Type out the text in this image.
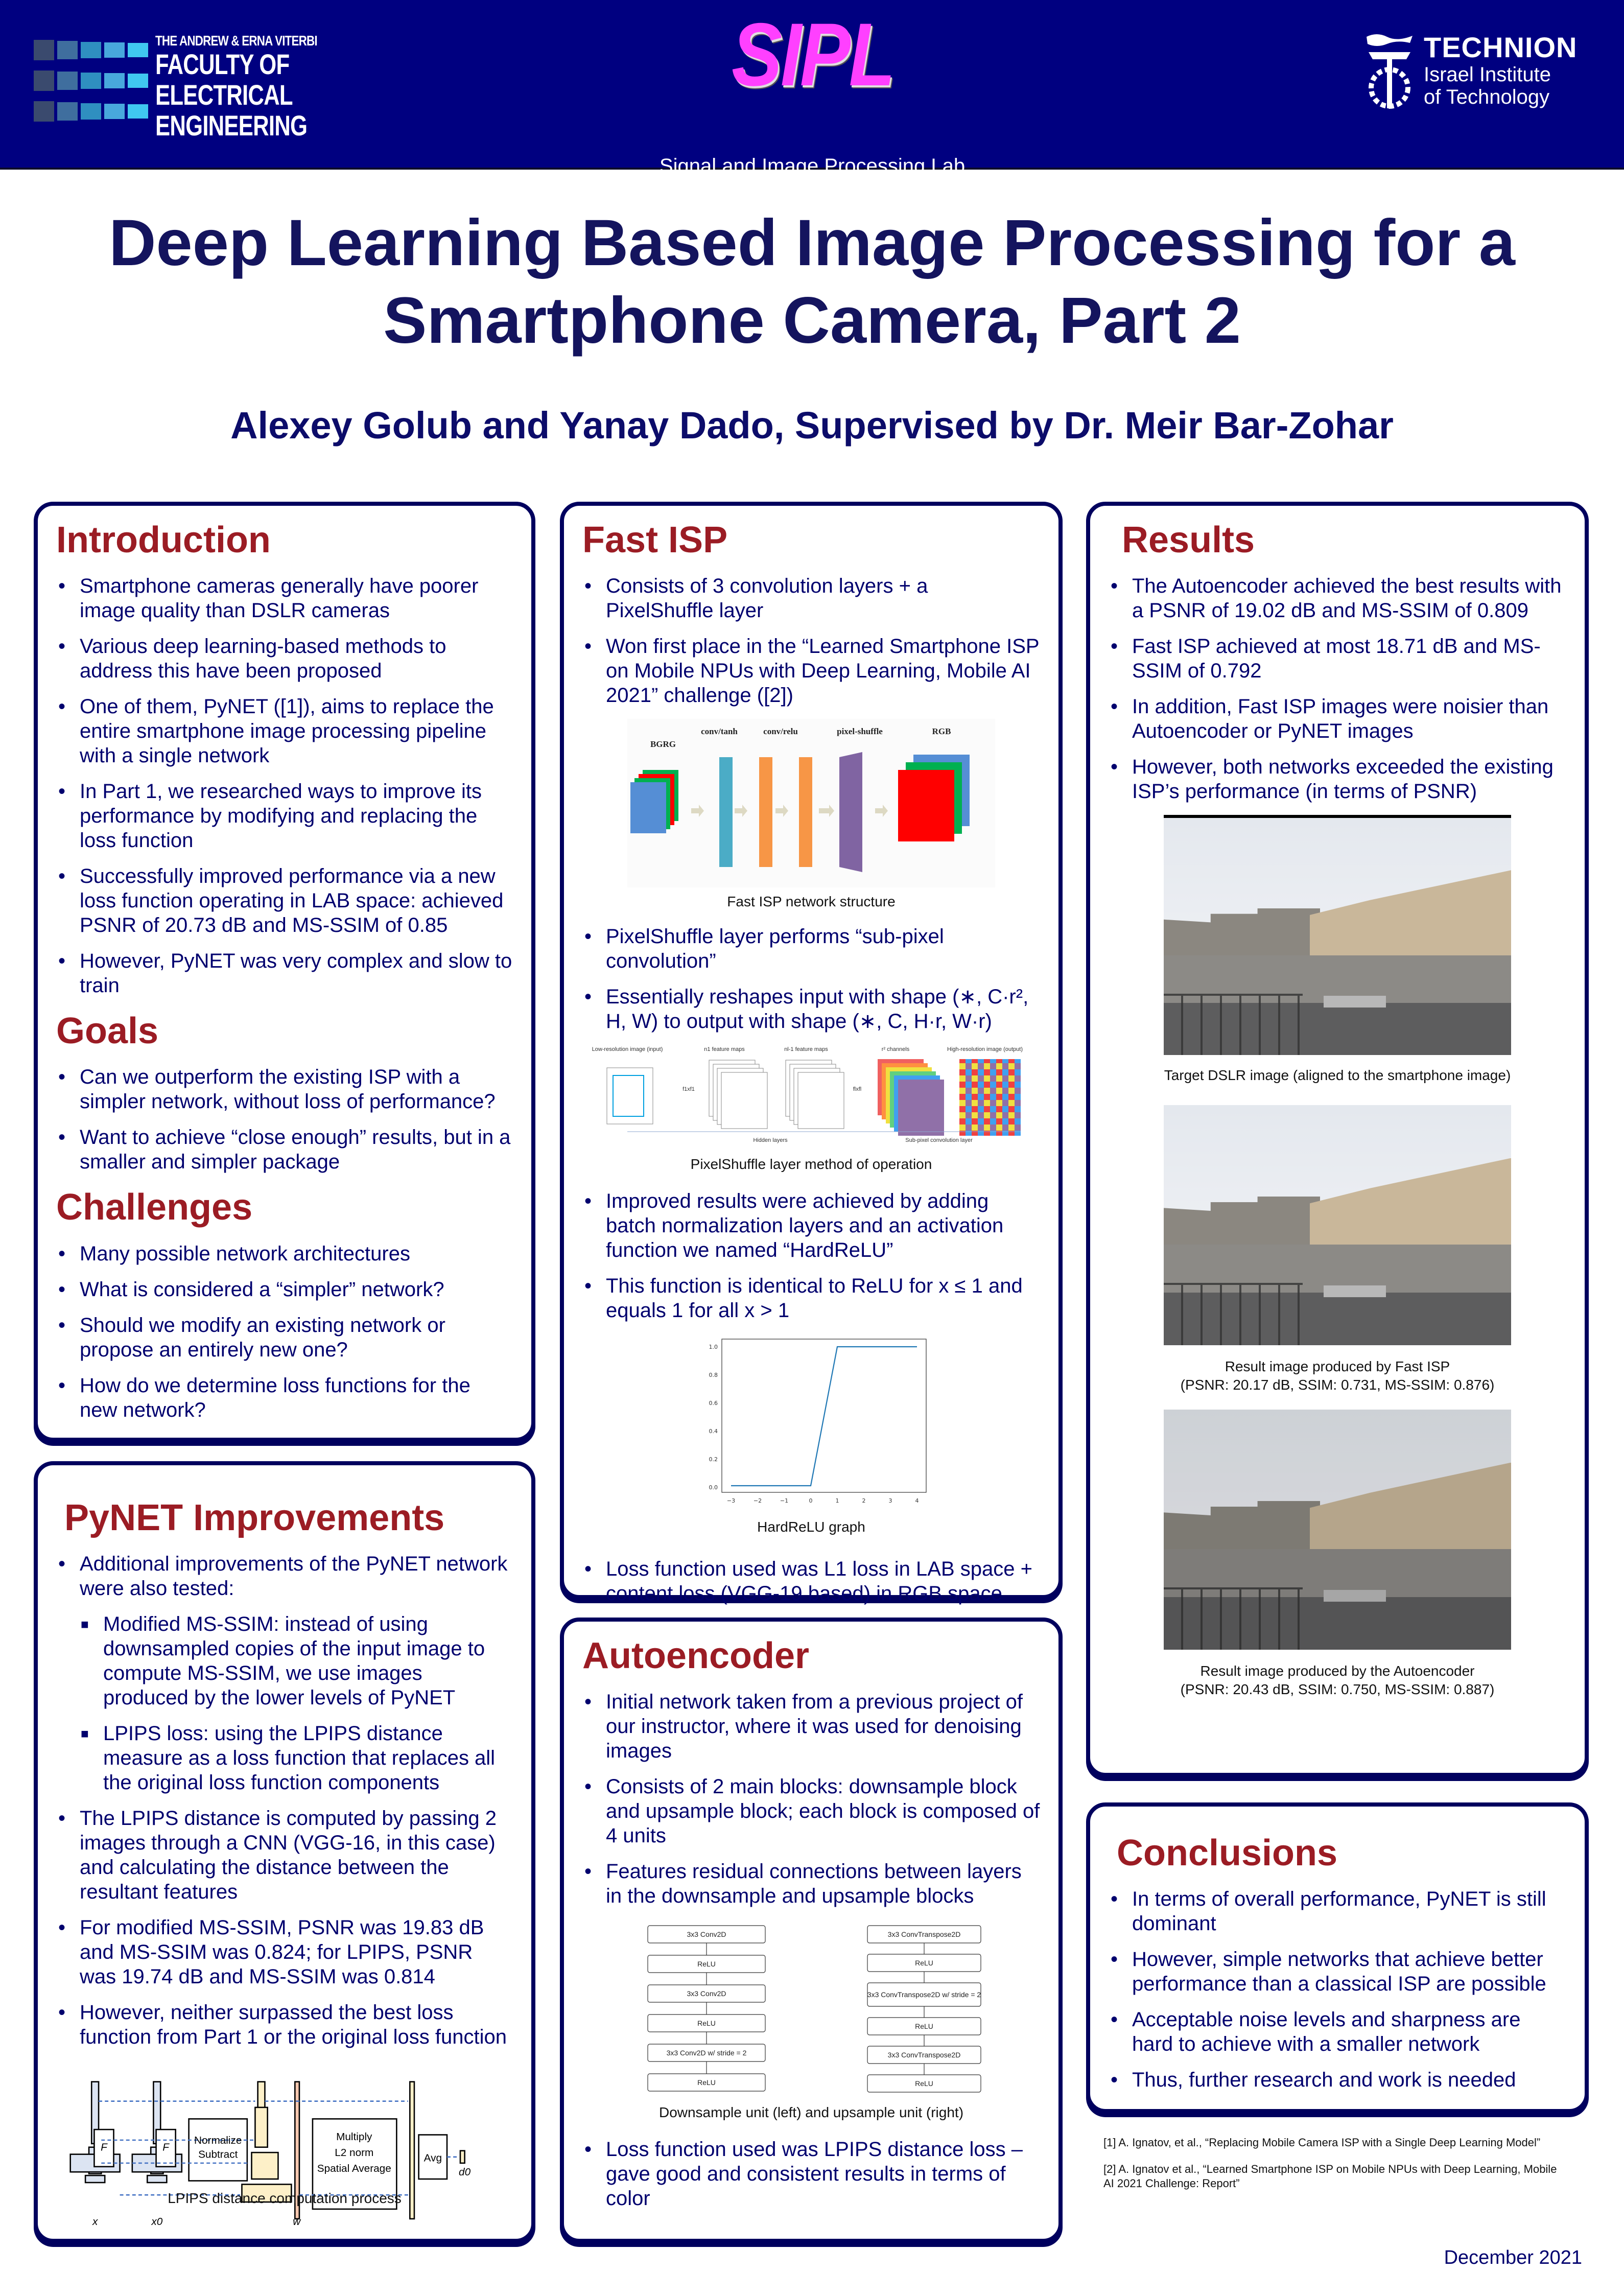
THE ANDREW & ERNA VITERBI
FACULTY OF
ELECTRICAL
ENGINEERING
SIPL
Signal and Image Processing Lab
TECHNION
Israel Institute
of Technology
Deep Learning Based Image Processing for a
Smartphone Camera, Part 2
Alexey Golub and Yanay Dado, Supervised by Dr. Meir Bar-Zohar
Introduction
• Smartphone cameras generally have poorer image quality than DSLR cameras
• Various deep learning-based methods to address this have been proposed
• One of them, PyNET ([1]), aims to replace the entire smartphone image processing pipeline with a single network
• In Part 1, we researched ways to improve its performance by modifying and replacing the loss function
• Successfully improved performance via a new loss function operating in LAB space: achieved PSNR of 20.73 dB and MS-SSIM of 0.85
• However, PyNET was very complex and slow to train
Goals
• Can we outperform the existing ISP with a simpler network, without loss of performance?
• Want to achieve “close enough” results, but in a smaller and simpler package
Challenges
• Many possible network architectures
• What is considered a “simpler” network?
• Should we modify an existing network or propose an entirely new one?
• How do we determine loss functions for the new network?
PyNET Improvements
• Additional improvements of the PyNET network were also tested:
■ Modified MS-SSIM: instead of using downsampled copies of the input image to compute MS-SSIM, we use images produced by the lower levels of PyNET
■ LPIPS loss: using the LPIPS distance measure as a loss function that replaces all the original loss function components
• The LPIPS distance is computed by passing 2 images through a CNN (VGG-16, in this case) and calculating the distance between the resultant features
• For modified MS-SSIM, PSNR was 19.83 dB and MS-SSIM was 0.824; for LPIPS, PSNR was 19.74 dB and MS-SSIM was 0.814
• However, neither surpassed the best loss function from Part 1 or the original loss function
F	F
Normalize
Subtract
Multiply
L2 norm
Spatial Average
Avg
x	x0	w
d0
LPIPS distance computation process
Fast ISP
• Consists of 3 convolution layers + a PixelShuffle layer
• Won first place in the “Learned Smartphone ISP on Mobile NPUs with Deep Learning, Mobile AI 2021” challenge ([2])
BGRG
conv/tanh	conv/relu	pixel-shuffle	RGB
Fast ISP network structure
• PixelShuffle layer performs “sub-pixel convolution”
• Essentially reshapes input with shape (∗, C·r², H, W) to output with shape (∗, C, H·r, W·r)
Low-resolution image (input)	n1 feature maps	nl-1 feature maps	r² channels	High-resolution image (output)
Hidden layers	Sub-pixel convolution layer
f1xf1	flxfl
PixelShuffle layer method of operation
• Improved results were achieved by adding batch normalization layers and an activation function we named “HardReLU”
• This function is identical to ReLU for x ≤ 1 and equals 1 for all x > 1
1.0
0.8
0.6
0.4
0.2
0.0
−3	−2	−1	0	1	2	3	4
HardReLU graph
• Loss function used was L1 loss in LAB space + content loss (VGG-19 based) in RGB space
Autoencoder
• Initial network taken from a previous project of our instructor, where it was used for denoising images
• Consists of 2 main blocks: downsample block and upsample block; each block is composed of 4 units
• Features residual connections between layers in the downsample and upsample blocks
3x3 Conv2D
ReLU
3x3 Conv2D
ReLU
3x3 Conv2D w/ stride = 2
ReLU
3x3 ConvTranspose2D
ReLU
3x3 ConvTranspose2D w/ stride = 2
ReLU
3x3 ConvTranspose2D
ReLU
Downsample unit (left) and upsample unit (right)
• Loss function used was LPIPS distance loss – gave good and consistent results in terms of color
Results
• The Autoencoder achieved the best results with a PSNR of 19.02 dB and MS-SSIM of 0.809
• Fast ISP achieved at most 18.71 dB and MS-SSIM of 0.792
• In addition, Fast ISP images were noisier than Autoencoder or PyNET images
• However, both networks exceeded the existing ISP’s performance (in terms of PSNR)
Target DSLR image (aligned to the smartphone image)
Result image produced by Fast ISP
(PSNR: 20.17 dB, SSIM: 0.731, MS-SSIM: 0.876)
Result image produced by the Autoencoder
(PSNR: 20.43 dB, SSIM: 0.750, MS-SSIM: 0.887)
Conclusions
• In terms of overall performance, PyNET is still dominant
• However, simple networks that achieve better performance than a classical ISP are possible
• Acceptable noise levels and sharpness are hard to achieve with a smaller network
• Thus, further research and work is needed

[1] A. Ignatov, et al., “Replacing Mobile Camera ISP with a Single Deep Learning Model”

[2] A. Ignatov et al., “Learned Smartphone ISP on Mobile NPUs with Deep Learning, Mobile AI 2021 Challenge: Report”

December 2021
